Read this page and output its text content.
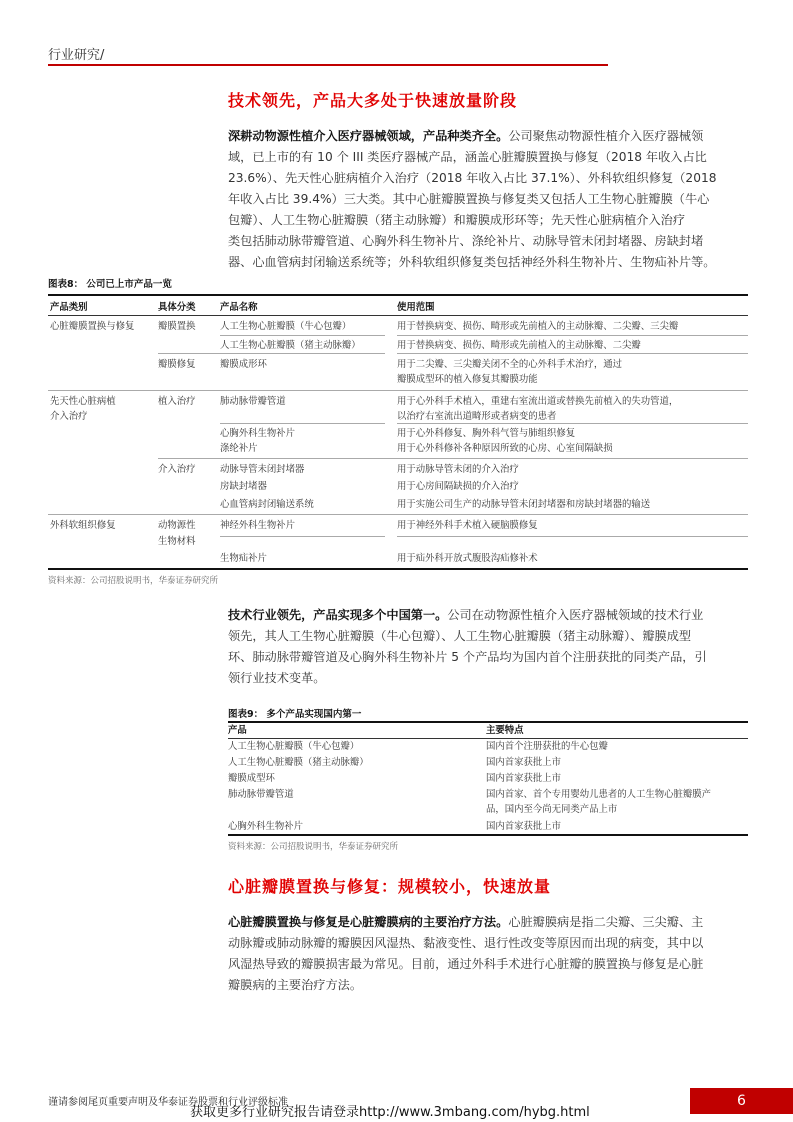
行业研究/
技术领先，产品大多处于快速放量阶段
深耕动物源性植介入医疗器械领域，产品种类齐全。公司聚焦动物源性植介入医疗器械领
域，已上市的有 10 个 III 类医疗器械产品，涵盖心脏瓣膜置换与修复（2018 年收入占比
23.6%）、先天性心脏病植介入治疗（2018 年收入占比 37.1%）、外科软组织修复（2018
年收入占比 39.4%）三大类。其中心脏瓣膜置换与修复类又包括人工生物心脏瓣膜（牛心
包瓣）、人工生物心脏瓣膜（猪主动脉瓣）和瓣膜成形环等；先天性心脏病植介入治疗
类包括肺动脉带瓣管道、心胸外科生物补片、涤纶补片、动脉导管未闭封堵器、房缺封堵
器、心血管病封闭输送系统等；外科软组织修复类包括神经外科生物补片、生物疝补片等。
图表8： 公司已上市产品一览
产品类别	具体分类	产品名称	使用范围
心脏瓣膜置换与修复	瓣膜置换	人工生物心脏瓣膜（牛心包瓣）	用于替换病变、损伤、畸形或先前植入的主动脉瓣、二尖瓣、三尖瓣
人工生物心脏瓣膜（猪主动脉瓣）	用于替换病变、损伤、畸形或先前植入的主动脉瓣、二尖瓣
瓣膜修复	瓣膜成形环	用于二尖瓣、三尖瓣关闭不全的心外科手术治疗，通过
瓣膜成型环的植入修复其瓣膜功能
先天性心脏病植
介入治疗
植入治疗	肺动脉带瓣管道	用于心外科手术植入，重建右室流出道或替换先前植入的失功管道，
以治疗右室流出道畸形或者病变的患者
心胸外科生物补片	用于心外科修复、胸外科气管与肺组织修复
涤纶补片	用于心外科修补各种原因所致的心房、心室间隔缺损
介入治疗	动脉导管未闭封堵器	用于动脉导管未闭的介入治疗
房缺封堵器	用于心房间隔缺损的介入治疗
心血管病封闭输送系统	用于实施公司生产的动脉导管未闭封堵器和房缺封堵器的输送
外科软组织修复	动物源性
生物材料
神经外科生物补片	用于神经外科手术植入硬脑膜修复
生物疝补片	用于疝外科开放式腹股沟疝修补术
资料来源：公司招股说明书，华泰证券研究所
技术行业领先，产品实现多个中国第一。公司在动物源性植介入医疗器械领域的技术行业
领先，其人工生物心脏瓣膜（牛心包瓣）、人工生物心脏瓣膜（猪主动脉瓣）、瓣膜成型
环、肺动脉带瓣管道及心胸外科生物补片 5 个产品均为国内首个注册获批的同类产品，引
领行业技术变革。
图表9： 多个产品实现国内第一
产品	主要特点
人工生物心脏瓣膜（牛心包瓣）	国内首个注册获批的牛心包瓣
人工生物心脏瓣膜（猪主动脉瓣）	国内首家获批上市
瓣膜成型环	国内首家获批上市
肺动脉带瓣管道	国内首家、首个专用婴幼儿患者的人工生物心脏瓣膜产
品，国内至今尚无同类产品上市
心胸外科生物补片	国内首家获批上市
资料来源：公司招股说明书，华泰证券研究所
心脏瓣膜置换与修复：规模较小，快速放量
心脏瓣膜置换与修复是心脏瓣膜病的主要治疗方法。心脏瓣膜病是指二尖瓣、三尖瓣、主
动脉瓣或肺动脉瓣的瓣膜因风湿热、黏液变性、退行性改变等原因而出现的病变，其中以
风湿热导致的瓣膜损害最为常见。目前，通过外科手术进行心脏瓣的膜置换与修复是心脏
瓣膜病的主要治疗方法。
谨请参阅尾页重要声明及华泰证券股票和行业评级标准
获取更多行业研究报告请登录http://www.3mbang.com/hybg.html
6
